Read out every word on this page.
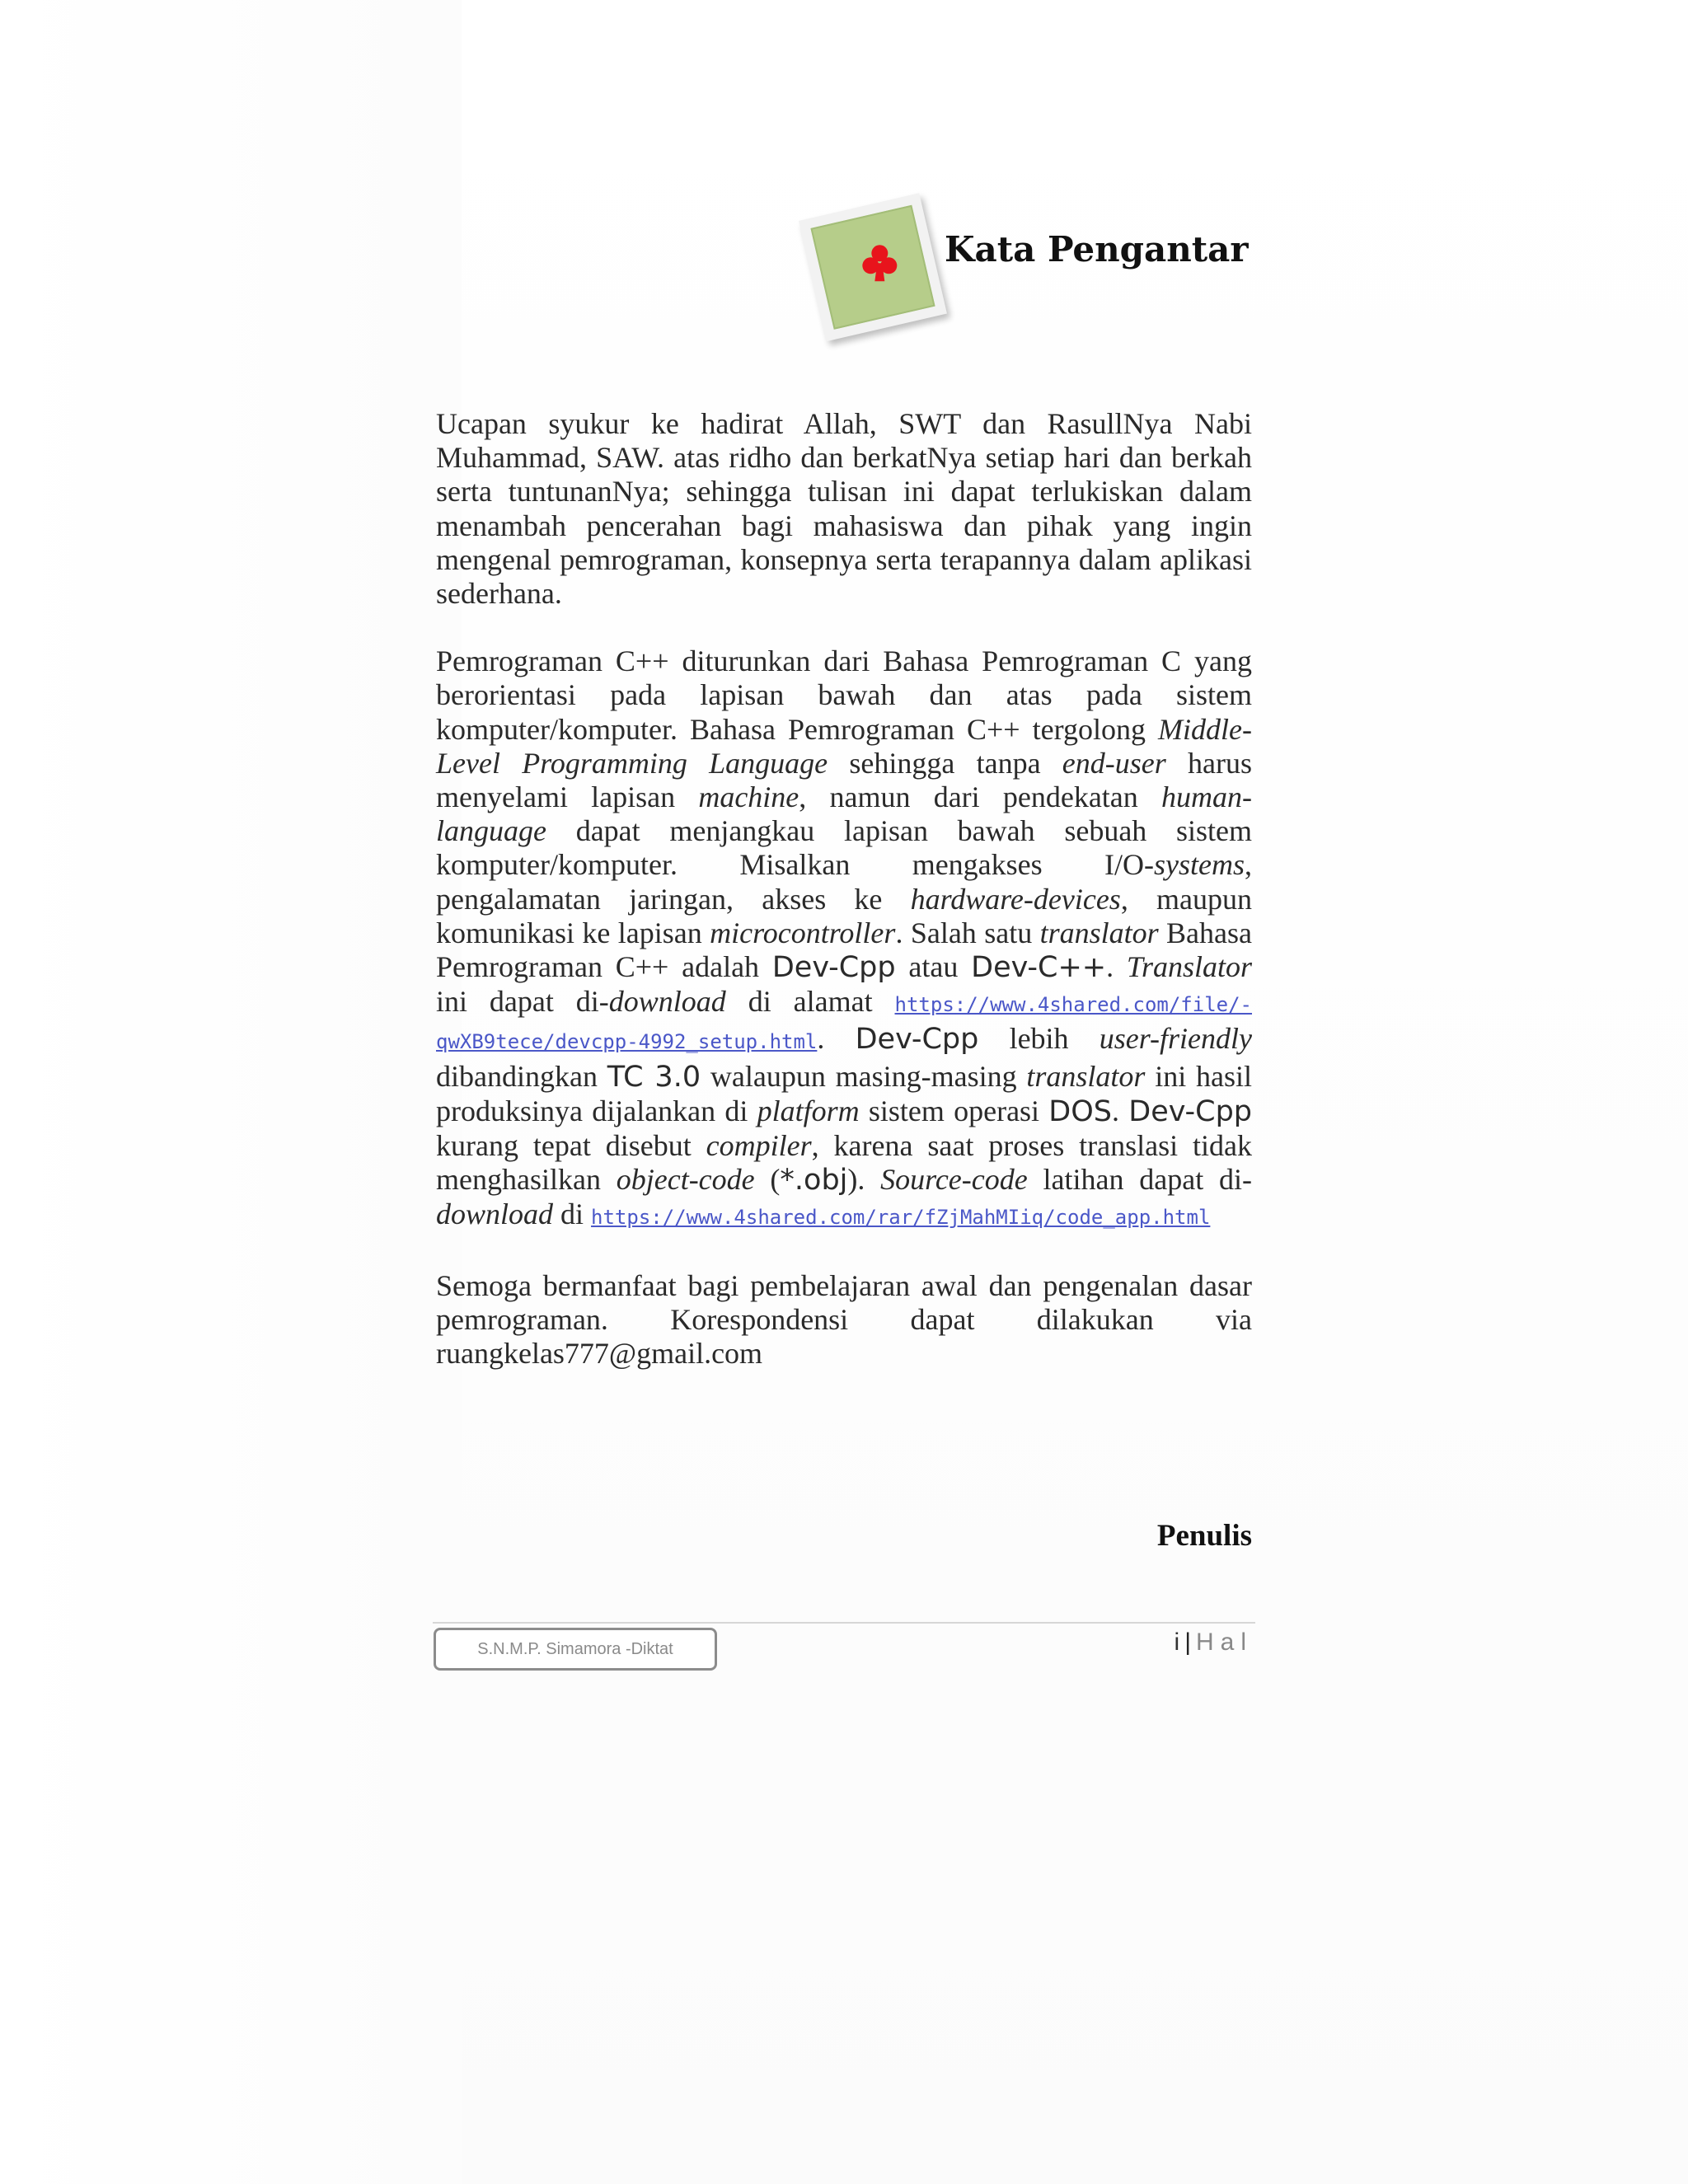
Kata Pengantar

Ucapan syukur ke hadirat Allah, SWT dan RasullNya Nabi Muhammad, SAW. atas ridho dan berkatNya setiap hari dan berkah serta tuntunanNya; sehingga tulisan ini dapat terlukiskan dalam menambah pencerahan bagi mahasiswa dan pihak yang ingin mengenal pemrograman, konsepnya serta terapannya dalam aplikasi sederhana.

Pemrograman C++ diturunkan dari Bahasa Pemrograman C yang berorientasi pada lapisan bawah dan atas pada sistem komputer/komputer. Bahasa Pemrograman C++ tergolong Middle-Level Programming Language sehingga tanpa end-user harus menyelami lapisan machine, namun dari pendekatan human-language dapat menjangkau lapisan bawah sebuah sistem komputer/komputer. Misalkan mengakses I/O-systems, pengalamatan jaringan, akses ke hardware-devices, maupun komunikasi ke lapisan microcontroller. Salah satu translator Bahasa Pemrograman C++ adalah Dev-Cpp atau Dev-C++. Translator ini dapat di-download di alamat https://www.4shared.com/file/-qwXB9tece/devcpp-4992_setup.html. Dev-Cpp lebih user-friendly dibandingkan TC 3.0 walaupun masing-masing translator ini hasil produksinya dijalankan di platform sistem operasi DOS. Dev-Cpp kurang tepat disebut compiler, karena saat proses translasi tidak menghasilkan object-code (*.obj). Source-code latihan dapat di-download di https://www.4shared.com/rar/fZjMahMIiq/code_app.html

Semoga bermanfaat bagi pembelajaran awal dan pengenalan dasar pemrograman. Korespondensi dapat dilakukan via ruangkelas777@gmail.com

Penulis
S.N.M.P. Simamora -Diktat	i | Hal
